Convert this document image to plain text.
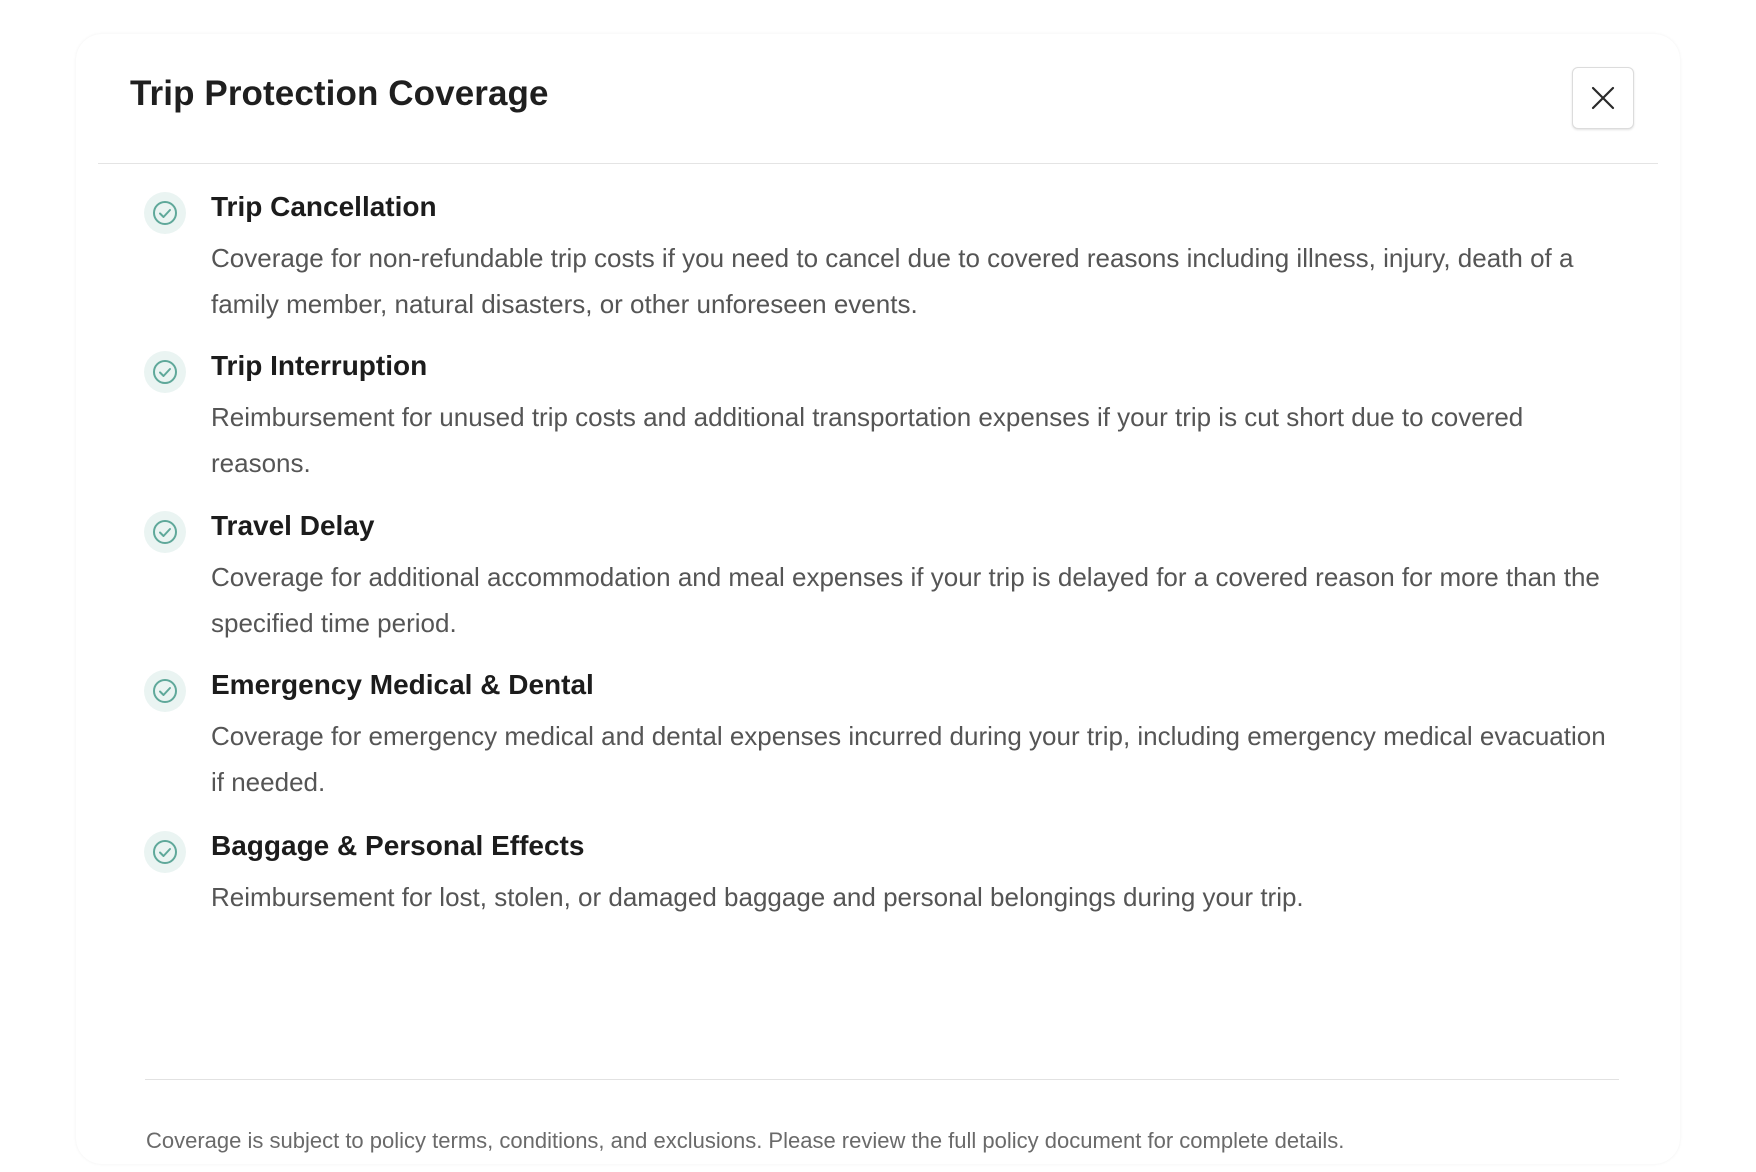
Trip Protection Coverage
Trip Cancellation

Coverage for non-refundable trip costs if you need to cancel due to covered reasons including illness, injury, death of a family member, natural disasters, or other unforeseen events.

Trip Interruption

Reimbursement for unused trip costs and additional transportation expenses if your trip is cut short due to covered reasons.

Travel Delay

Coverage for additional accommodation and meal expenses if your trip is delayed for a covered reason for more than the specified time period.

Emergency Medical & Dental

Coverage for emergency medical and dental expenses incurred during your trip, including emergency medical evacuation if needed.

Baggage & Personal Effects

Reimbursement for lost, stolen, or damaged baggage and personal belongings during your trip.

Coverage is subject to policy terms, conditions, and exclusions. Please review the full policy document for complete details.
